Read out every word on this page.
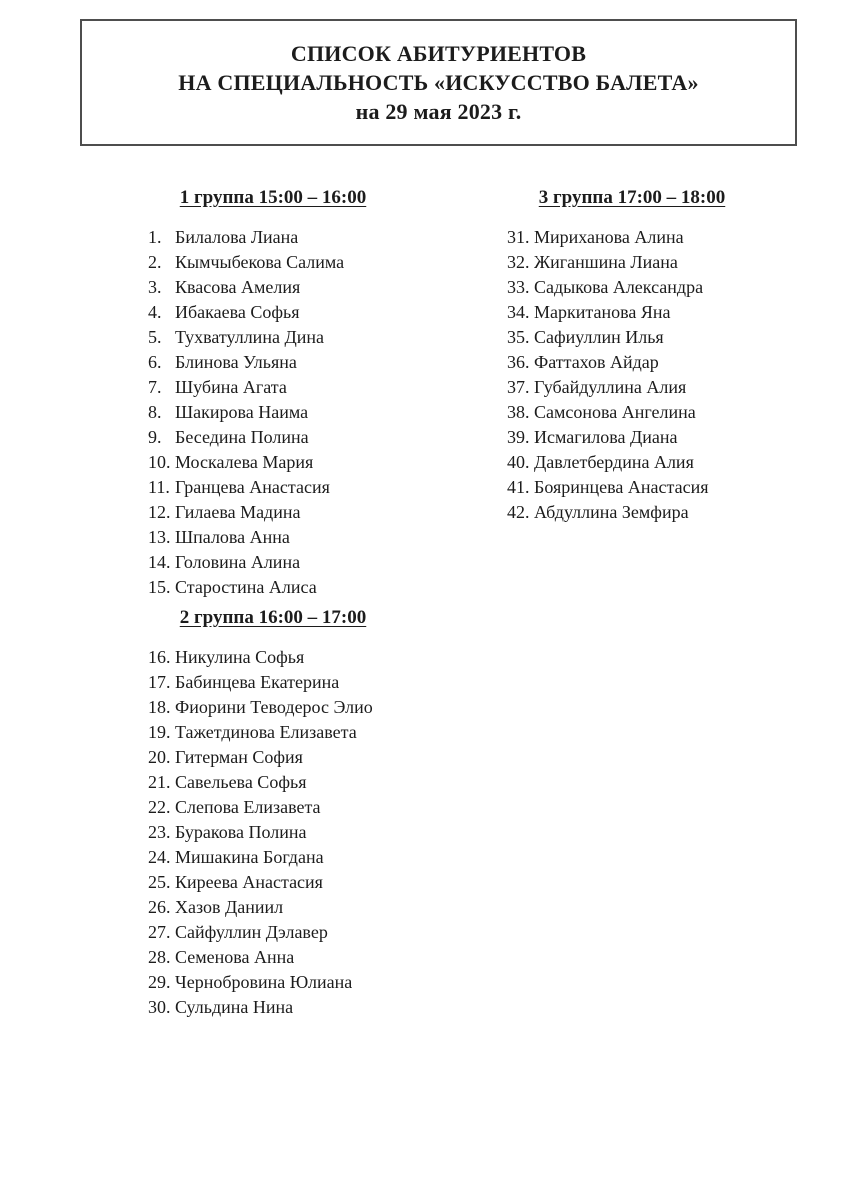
СПИСОК АБИТУРИЕНТОВ
НА СПЕЦИАЛЬНОСТЬ «ИСКУССТВО БАЛЕТА»
на 29 мая 2023 г.
1 группа 15:00 – 16:00
1. Билалова Лиана
2. Кымчыбекова Салима
3. Квасова Амелия
4. Ибакаева Софья
5. Тухватуллина Дина
6. Блинова Ульяна
7. Шубина Агата
8. Шакирова Наима
9. Беседина Полина
10. Москалева Мария
11. Гранцева Анастасия
12. Гилаева Мадина
13. Шпалова Анна
14. Головина Алина
15. Старостина Алиса
2 группа 16:00 – 17:00
16. Никулина Софья
17. Бабинцева Екатерина
18. Фиорини Теводерос Элио
19. Тажетдинова Елизавета
20. Гитерман София
21. Савельева Софья
22. Слепова Елизавета
23. Буракова Полина
24. Мишакина Богдана
25. Киреева Анастасия
26. Хазов Даниил
27. Сайфуллин Дэлавер
28. Семенова Анна
29. Чернобровина Юлиана
30. Сульдина Нина
3 группа 17:00 – 18:00
31. Мириханова Алина
32. Жиганшина Лиана
33. Садыкова Александра
34. Маркитанова Яна
35. Сафиуллин Илья
36. Фаттахов Айдар
37. Губайдуллина Алия
38. Самсонова Ангелина
39. Исмагилова Диана
40. Давлетбердина Алия
41. Бояринцева Анастасия
42. Абдуллина Земфира
